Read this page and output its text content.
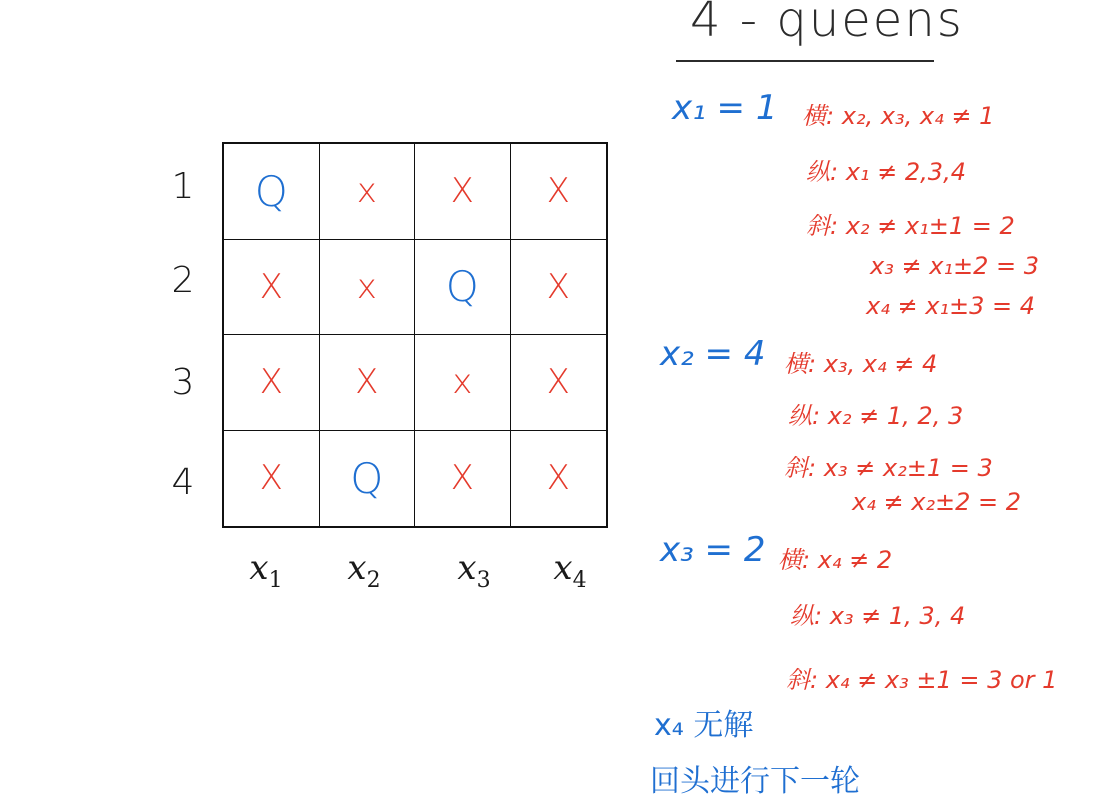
4 - queens
1
2
3
4
Q x X X
X x Q X
X X x X
X Q X X
$x_1$	$x_2$	$x_3$	$x_4$
x₁ = 1 横: x₂, x₃, x₄ ≠ 1
纵: x₁ ≠ 2,3,4
斜: x₂ ≠ x₁±1 = 2
x₃ ≠ x₁±2 = 3
x₄ ≠ x₁±3 = 4
x₂ = 4 横: x₃, x₄ ≠ 4
纵: x₂ ≠ 1, 2, 3
斜: x₃ ≠ x₂±1 = 3
x₄ ≠ x₂±2 = 2
x₃ = 2 横: x₄ ≠ 2
纵: x₃ ≠ 1, 3, 4
斜: x₄ ≠ x₃ ±1 = 3 or 1
x₄ 无解
回头进行下一轮
